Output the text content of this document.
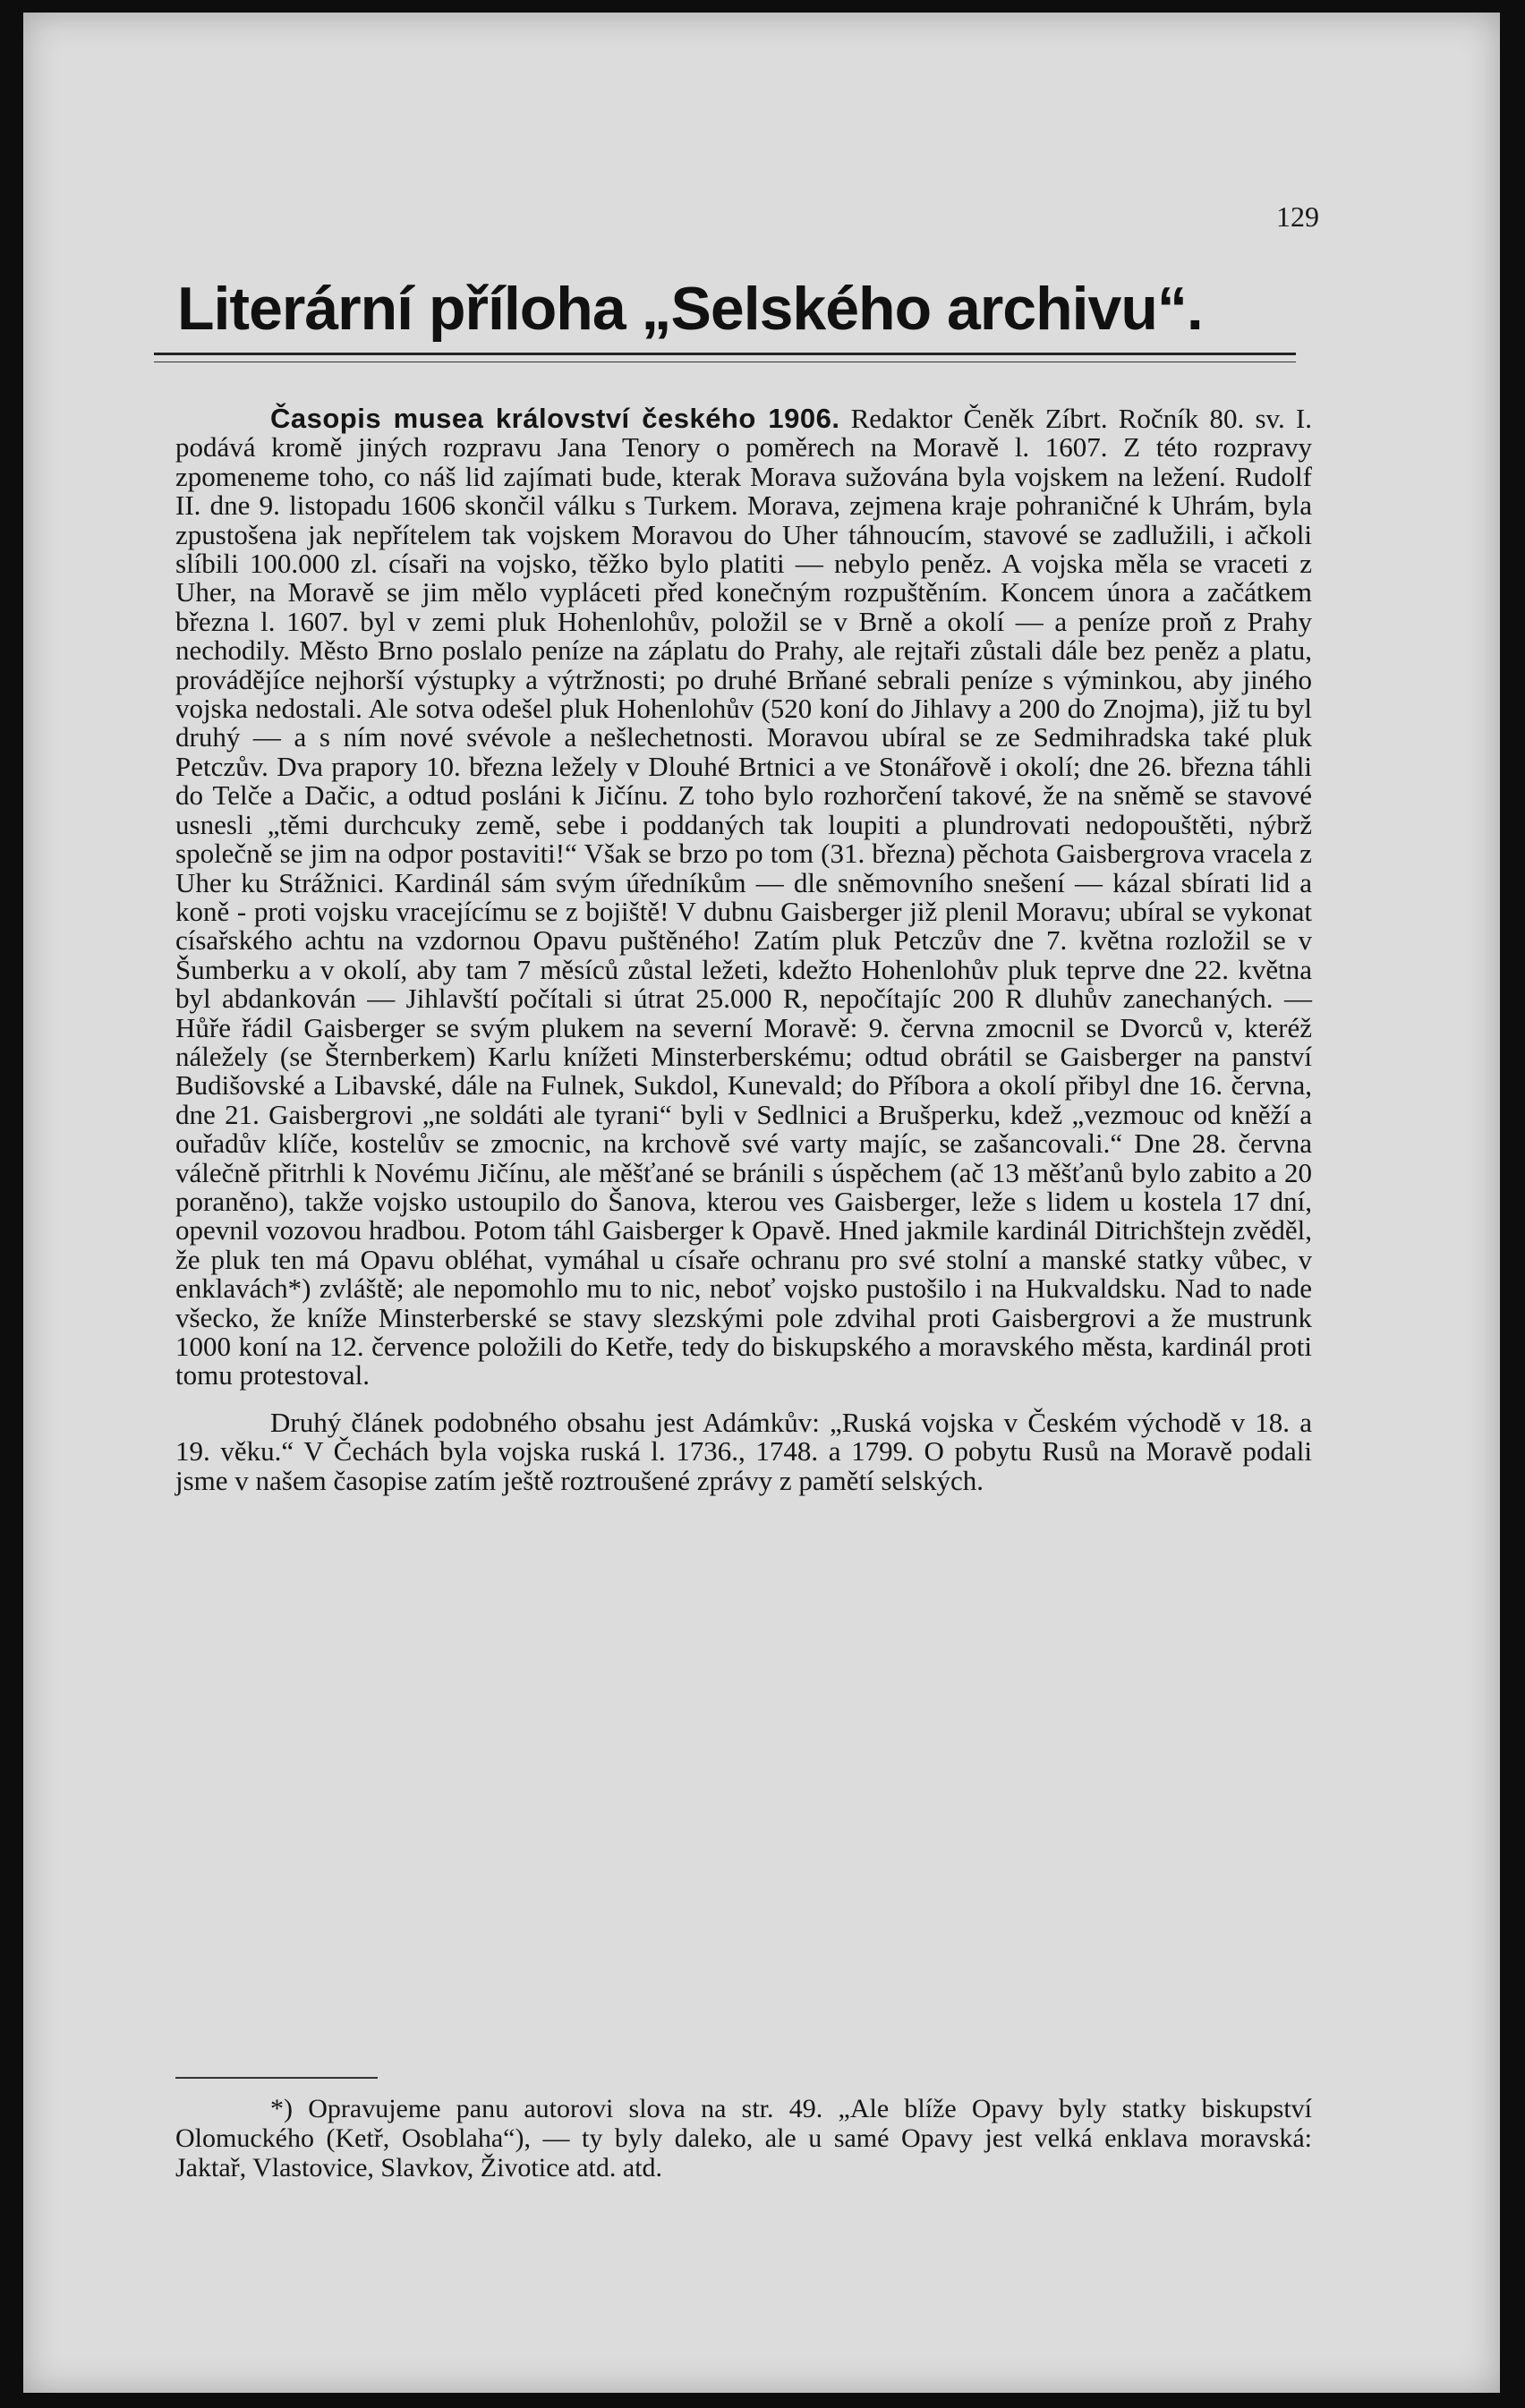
129
Literární příloha „Selského archivu“.

Časopis musea království českého 1906. Redaktor Čeněk Zíbrt. Ročník 80. sv. I. podává kromě jiných rozpravu Jana Tenory o poměrech na Moravě l. 1607. Z této rozpravy zpomeneme toho, co náš lid zajímati bude, kterak Morava sužována byla vojskem na ležení. Rudolf II. dne 9. listopadu 1606 skončil válku s Turkem. Morava, zejmena kraje pohraničné k Uhrám, byla zpustošena jak nepřítelem tak vojskem Moravou do Uher táhnoucím, stavové se zadlužili, i ačkoli slíbili 100.000 zl. císaři na vojsko, těžko bylo platiti — nebylo peněz. A vojska měla se vraceti z Uher, na Moravě se jim mělo vypláceti před konečným rozpuštěním. Koncem února a začátkem března l. 1607. byl v zemi pluk Hohenlohův, položil se v Brně a okolí — a peníze proň z Prahy nechodily. Město Brno poslalo peníze na záplatu do Prahy, ale rejtaři zůstali dále bez peněz a platu, provádějíce nejhorší výstupky a výtržnosti; po druhé Brňané sebrali peníze s výminkou, aby jiného vojska nedostali. Ale sotva odešel pluk Hohenlohův (520 koní do Jihlavy a 200 do Znojma), již tu byl druhý — a s ním nové svévole a nešlechetnosti. Moravou ubíral se ze Sedmihradska také pluk Petczův. Dva prapory 10. března ležely v Dlouhé Brtnici a ve Stonářově i okolí; dne 26. března táhli do Telče a Dačic, a odtud posláni k Jičínu. Z toho bylo rozhorčení takové, že na sněmě se stavové usnesli „těmi durchcuky země, sebe i poddaných tak loupiti a plundrovati nedopouštěti, nýbrž společně se jim na odpor postaviti!“ Však se brzo po tom (31. března) pěchota Gaisbergrova vracela z Uher ku Strážnici. Kardinál sám svým úředníkům — dle sněmovního snešení — kázal sbírati lid a koně - proti vojsku vracejícímu se z bojiště! V dubnu Gaisberger již plenil Moravu; ubíral se vykonat císařského achtu na vzdornou Opavu puštěného! Zatím pluk Petczův dne 7. května rozložil se v Šumberku a v okolí, aby tam 7 měsíců zůstal ležeti, kdežto Hohenlohův pluk teprve dne 22. května byl abdankován — Jihlavští počítali si útrat 25.000 R, nepočítajíc 200 R dluhův zanechaných. — Hůře řádil Gaisberger se svým plukem na severní Moravě: 9. června zmocnil se Dvorců v, kteréž náležely (se Šternberkem) Karlu knížeti Minsterberskému; odtud obrátil se Gaisberger na panství Budišovské a Libavské, dále na Fulnek, Sukdol, Kunevald; do Příbora a okolí přibyl dne 16. června, dne 21. Gaisbergrovi „ne soldáti ale tyrani“ byli v Sedlnici a Brušperku, kdež „vezmouc od kněží a ouřadův klíče, kostelův se zmocnic, na krchově své varty majíc, se zašancovali.“ Dne 28. června válečně přitrhli k Novému Jičínu, ale měšťané se bránili s úspěchem (ač 13 měšťanů bylo zabito a 20 poraněno), takže vojsko ustoupilo do Šanova, kterou ves Gaisberger, leže s lidem u kostela 17 dní, opevnil vozovou hradbou. Potom táhl Gaisberger k Opavě. Hned jakmile kardinál Ditrichštejn zvěděl, že pluk ten má Opavu obléhat, vymáhal u císaře ochranu pro své stolní a manské statky vůbec, v enklavách*) zvláště; ale nepomohlo mu to nic, neboť vojsko pustošilo i na Hukvaldsku. Nad to nade všecko, že kníže Minsterberské se stavy slezskými pole zdvihal proti Gaisbergrovi a že mustrunk 1000 koní na 12. července položili do Ketře, tedy do biskupského a moravského města, kardinál proti tomu protestoval.

Druhý článek podobného obsahu jest Adámkův: „Ruská vojska v Českém východě v 18. a 19. věku.“ V Čechách byla vojska ruská l. 1736., 1748. a 1799. O pobytu Rusů na Moravě podali jsme v našem časopise zatím ještě roztroušené zprávy z pamětí selských.

*) Opravujeme panu autorovi slova na str. 49. „Ale blíže Opavy byly statky biskupství Olomuckého (Ketř, Osoblaha“), — ty byly daleko, ale u samé Opavy jest velká enklava moravská: Jaktař, Vlastovice, Slavkov, Životice atd. atd.
